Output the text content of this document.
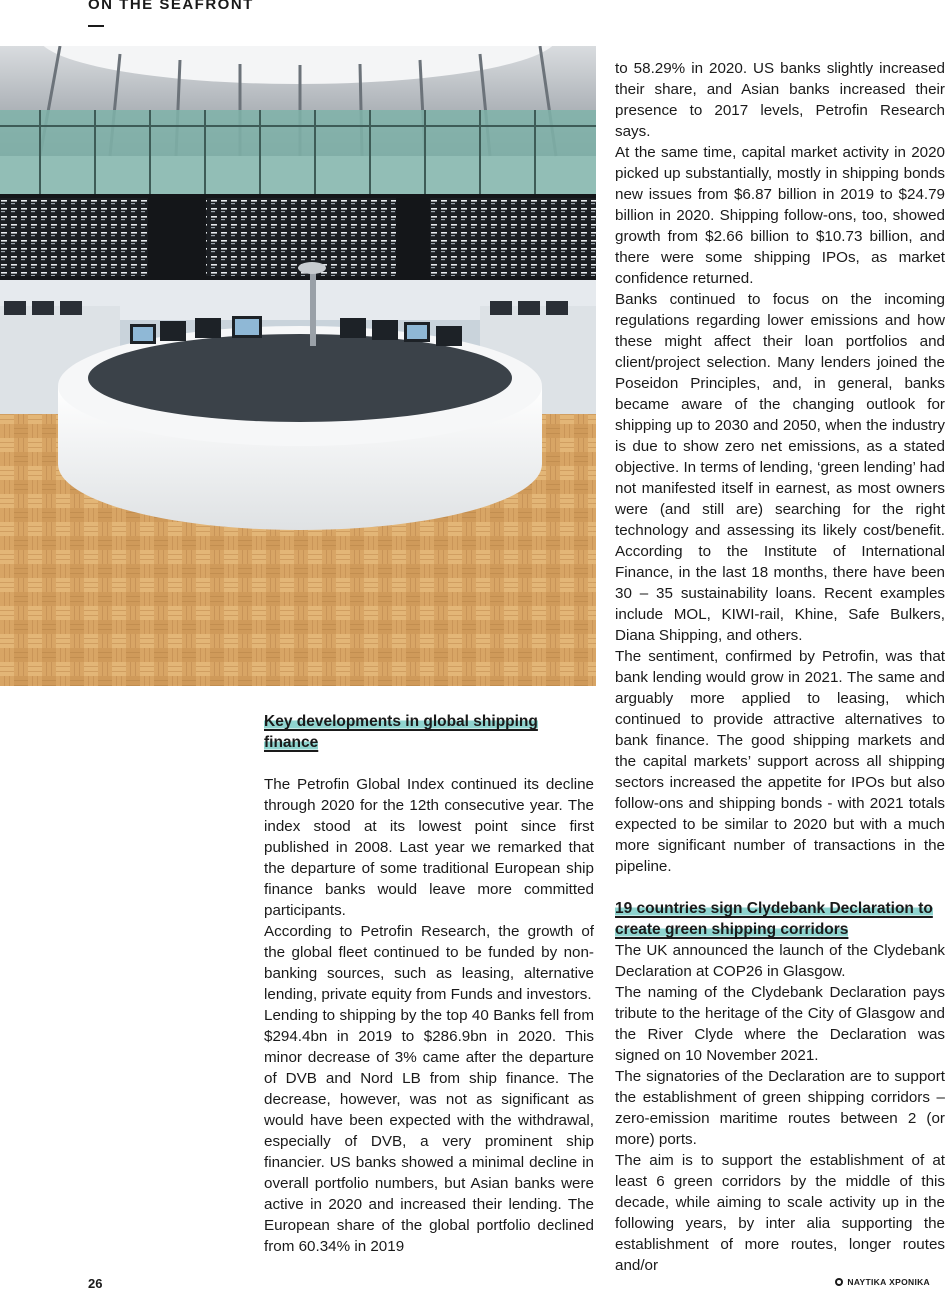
ON THE SEAFRONT

Key developments in global shipping finance

The Petrofin Global Index continued its decline through 2020 for the 12th consecutive year. The index stood at its lowest point since first published in 2008. Last year we remarked that the departure of some traditional European ship finance banks would leave more committed participants.

According to Petrofin Research, the growth of the global fleet continued to be funded by non-banking sources, such as leasing, alternative lending, private equity from Funds and investors.

Lending to shipping by the top 40 Banks fell from $294.4bn in 2019 to $286.9bn in 2020. This minor decrease of 3% came after the departure of DVB and Nord LB from ship finance. The decrease, however, was not as significant as would have been expected with the withdrawal, especially of DVB, a very prominent ship financier. US banks showed a minimal decline in overall portfolio numbers, but Asian banks were active in 2020 and increased their lending. The European share of the global portfolio declined from 60.34% in 2019

to 58.29% in 2020. US banks slightly increased their share, and Asian banks increased their presence to 2017 levels, Petrofin Research says.

At the same time, capital market activity in 2020 picked up substantially, mostly in shipping bonds new issues from $6.87 billion in 2019 to $24.79 billion in 2020. Shipping follow-ons, too, showed growth from $2.66 billion to $10.73 billion, and there were some shipping IPOs, as market confidence returned.

Banks continued to focus on the incoming regulations regarding lower emissions and how these might affect their loan portfolios and client/project selection. Many lenders joined the Poseidon Principles, and, in general, banks became aware of the changing outlook for shipping up to 2030 and 2050, when the industry is due to show zero net emissions, as a stated objective. In terms of lending, ‘green lending’ had not manifested itself in earnest, as most owners were (and still are) searching for the right technology and assessing its likely cost/benefit. According to the Institute of International Finance, in the last 18 months, there have been 30 – 35 sustainability loans. Recent examples include MOL, KIWI-rail, Khine, Safe Bulkers, Diana Shipping, and others.

The sentiment, confirmed by Petrofin, was that bank lending would grow in 2021. The same and arguably more applied to leasing, which continued to provide attractive alternatives to bank finance. The good shipping markets and the capital markets’ support across all shipping sectors increased the appetite for IPOs but also follow-ons and shipping bonds - with 2021 totals expected to be similar to 2020 but with a much more significant number of transactions in the pipeline.

19 countries sign Clydebank Declaration to create green shipping corridors

The UK announced the launch of the Clydebank Declaration at COP26 in Glasgow.

The naming of the Clydebank Declaration pays tribute to the heritage of the City of Glasgow and the River Clyde where the Declaration was signed on 10 November 2021.

The signatories of the Declaration are to support the establishment of green shipping corridors – zero-emission maritime routes between 2 (or more) ports.

The aim is to support the establishment of at least 6 green corridors by the middle of this decade, while aiming to scale activity up in the following years, by inter alia supporting the establishment of more routes, longer routes and/or

26	ΝΑΥΤΙΚΑ ΧΡΟΝΙΚΑ
